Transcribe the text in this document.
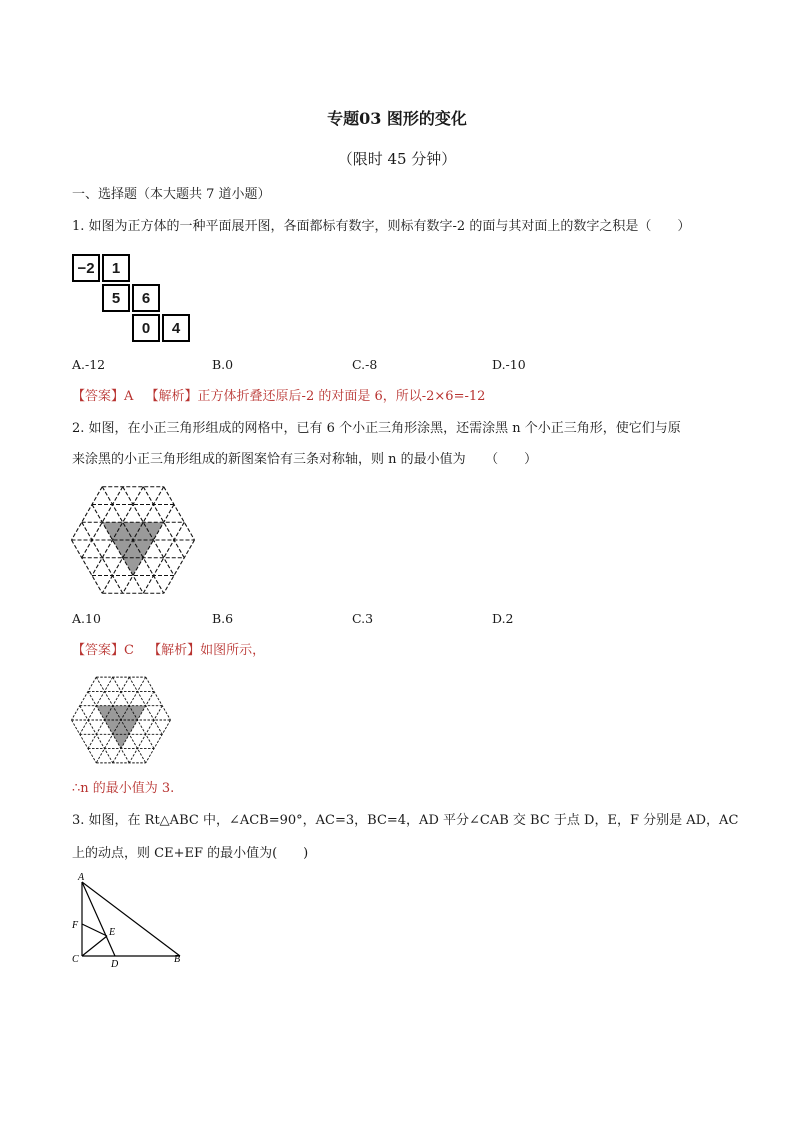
专题03 图形的变化
（限时 45 分钟）
一、选择题（本大题共 7 道小题）
1. 如图为正方体的一种平面展开图，各面都标有数字，则标有数字-2 的面与其对面上的数字之积是（　　）
−2	1
5	6
0	4
A.-12	B.0	C.-8	D.-10
【答案】A 【解析】正方体折叠还原后-2 的对面是 6，所以-2×6=-12
2. 如图，在小正三角形组成的网格中，已有 6 个小正三角形涂黑，还需涂黑 n 个小正三角形，使它们与原
来涂黑的小正三角形组成的新图案恰有三条对称轴，则 n 的最小值为　　（　　）
A.10	B.6	C.3	D.2
【答案】C 【解析】如图所示，
∴n 的最小值为 3.
3. 如图，在 Rt△ABC 中，∠ACB=90°，AC=3，BC=4，AD 平分∠CAB 交 BC 于点 D，E，F 分别是 AD，AC
上的动点，则 CE+EF 的最小值为(　　)
A
F
E
C	D	B
